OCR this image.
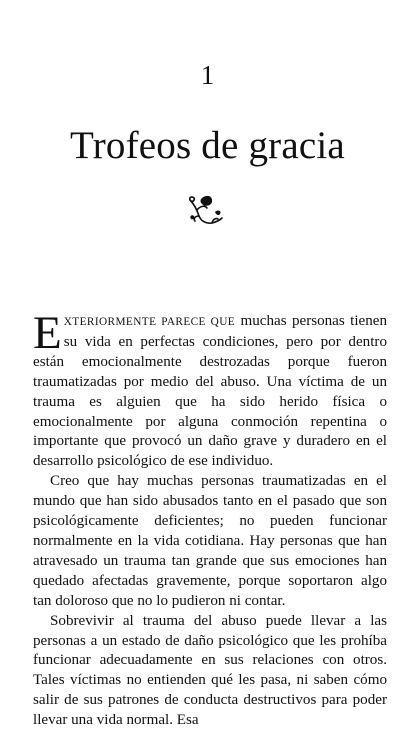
1
Trofeos de gracia

EXTERIORMENTE PARECE QUE muchas personas tienen su vida en perfectas condiciones, pero por dentro están emocionalmente destrozadas porque fueron traumatizadas por medio del abuso. Una víctima de un trauma es alguien que ha sido herido física o emocionalmente por alguna conmoción repentina o importante que provocó un daño grave y duradero en el desarrollo psicológico de ese individuo.

Creo que hay muchas personas traumatizadas en el mundo que han sido abusados tanto en el pasado que son psicológicamente deficientes; no pueden funcionar normalmente en la vida cotidiana. Hay personas que han atravesado un trauma tan grande que sus emociones han quedado afectadas gravemente, porque soportaron algo tan doloroso que no lo pudieron ni contar.

Sobrevivir al trauma del abuso puede llevar a las personas a un estado de daño psicológico que les prohíba funcionar adecuadamente en sus relaciones con otros. Tales víctimas no entienden qué les pasa, ni saben cómo salir de sus patrones de conducta destructivos para poder llevar una vida normal. Esa
